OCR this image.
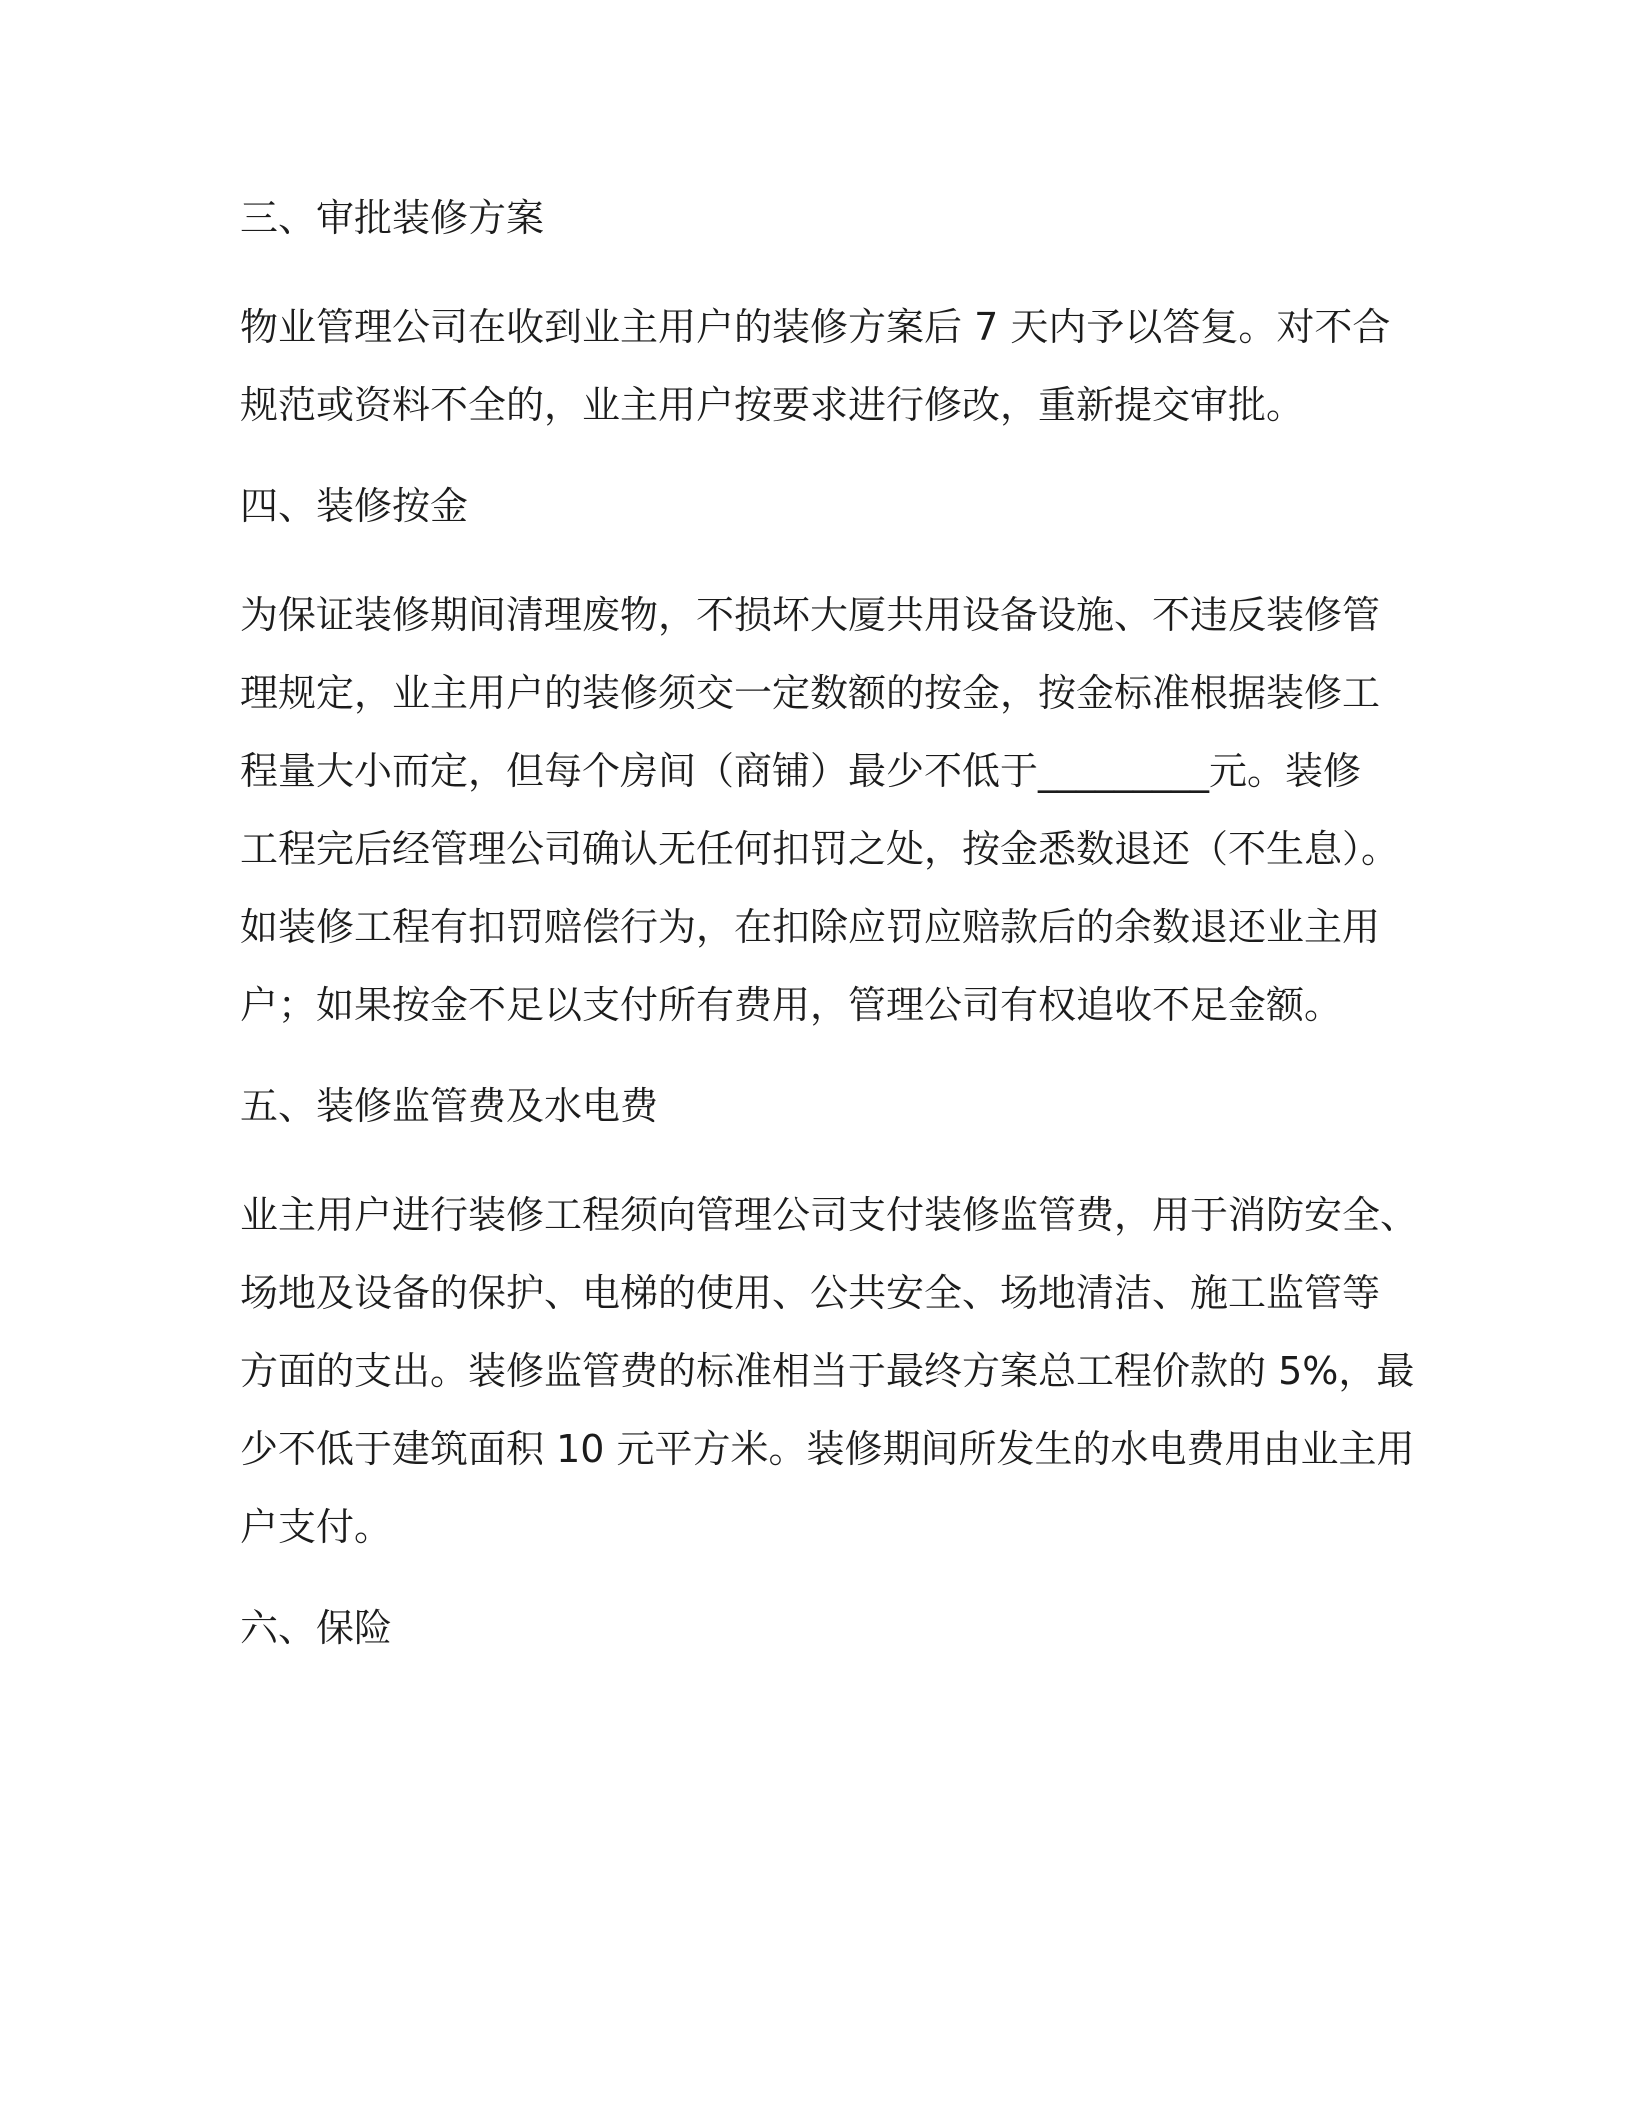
三、审批装修方案
物业管理公司在收到业主用户的装修方案后 7 天内予以答复。对不合
规范或资料不全的，业主用户按要求进行修改，重新提交审批。
四、装修按金
为保证装修期间清理废物，不损坏大厦共用设备设施、不违反装修管
理规定，业主用户的装修须交一定数额的按金，按金标准根据装修工
程量大小而定，但每个房间（商铺）最少不低于_________元。装修
工程完后经管理公司确认无任何扣罚之处，按金悉数退还（不生息）。
如装修工程有扣罚赔偿行为，在扣除应罚应赔款后的余数退还业主用
户；如果按金不足以支付所有费用，管理公司有权追收不足金额。
五、装修监管费及水电费
业主用户进行装修工程须向管理公司支付装修监管费，用于消防安全、
场地及设备的保护、电梯的使用、公共安全、场地清洁、施工监管等
方面的支出。装修监管费的标准相当于最终方案总工程价款的 5%，最
少不低于建筑面积 10 元平方米。装修期间所发生的水电费用由业主用
户支付。
六、保险
